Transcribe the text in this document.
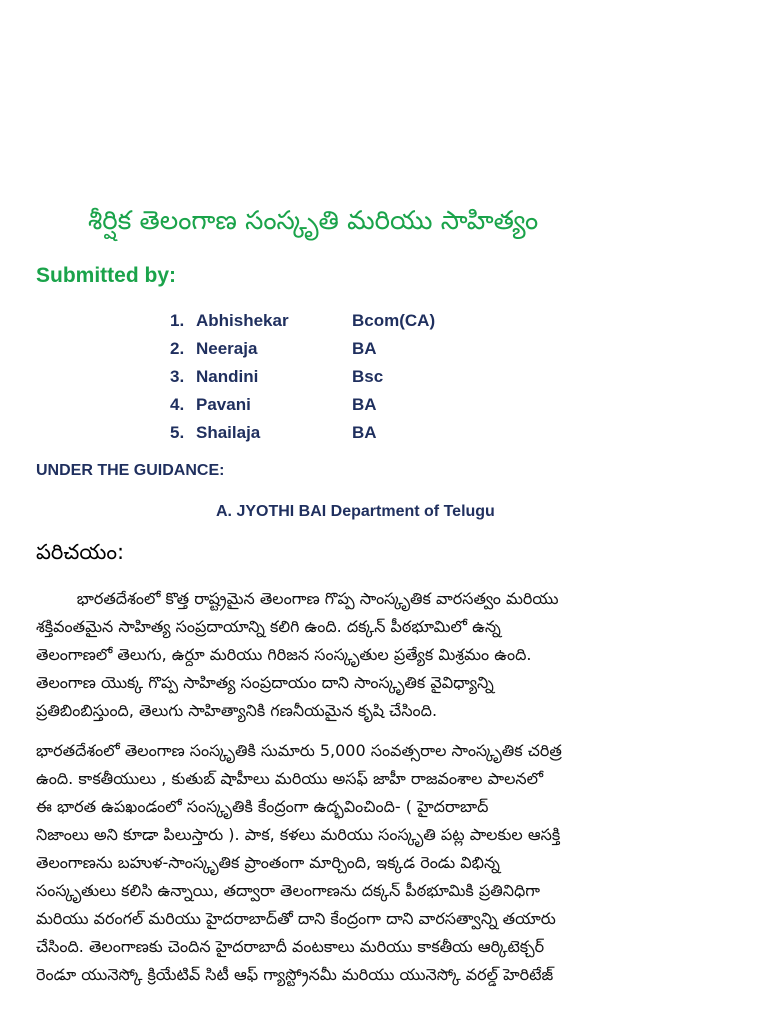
శీర్షిక తెలంగాణ సంస్కృతి మరియు సాహిత్యం
Submitted by:
1. Abhishekar	Bcom(CA)
2. Neeraja	BA
3. Nandini	Bsc
4. Pavani	BA
5. Shailaja	BA
UNDER THE GUIDANCE:
A. JYOTHI BAI Department of Telugu
పరిచయం:

భారతదేశంలో కొత్త రాష్ట్రమైన తెలంగాణ గొప్ప సాంస్కృతిక వారసత్వం మరియు
శక్తివంతమైన సాహిత్య సంప్రదాయాన్ని కలిగి ఉంది. దక్కన్ పీఠభూమిలో ఉన్న
తెలంగాణలో తెలుగు, ఉర్దూ మరియు గిరిజన సంస్కృతుల ప్రత్యేక మిశ్రమం ఉంది.
తెలంగాణ యొక్క గొప్ప సాహిత్య సంప్రదాయం దాని సాంస్కృతిక వైవిధ్యాన్ని
ప్రతిబింబిస్తుంది, తెలుగు సాహిత్యానికి గణనీయమైన కృషి చేసింది.

భారతదేశంలో తెలంగాణ సంస్కృతికి సుమారు 5,000 సంవత్సరాల సాంస్కృతిక చరిత్ర
ఉంది. కాకతీయులు , కుతుబ్ షాహీలు మరియు అసఫ్ జాహీ రాజవంశాల పాలనలో
ఈ భారత ఉపఖండంలో సంస్కృతికి కేంద్రంగా ఉద్భవించింది- ( హైదరాబాద్
నిజాంలు అని కూడా పిలుస్తారు ). పాక, కళలు మరియు సంస్కృతి పట్ల పాలకుల ఆసక్తి
తెలంగాణను బహుళ-సాంస్కృతిక ప్రాంతంగా మార్చింది, ఇక్కడ రెండు విభిన్న
సంస్కృతులు కలిసి ఉన్నాయి, తద్వారా తెలంగాణను దక్కన్ పీఠభూమికి ప్రతినిధిగా
మరియు వరంగల్ మరియు హైదరాబాద్‌తో దాని కేంద్రంగా దాని వారసత్వాన్ని తయారు
చేసింది. తెలంగాణకు చెందిన హైదరాబాదీ వంటకాలు మరియు కాకతీయ ఆర్కిటెక్చర్
రెండూ యునెస్కో క్రియేటివ్ సిటీ ఆఫ్ గ్యాస్ట్రోనమీ మరియు యునెస్కో వరల్డ్ హెరిటేజ్
